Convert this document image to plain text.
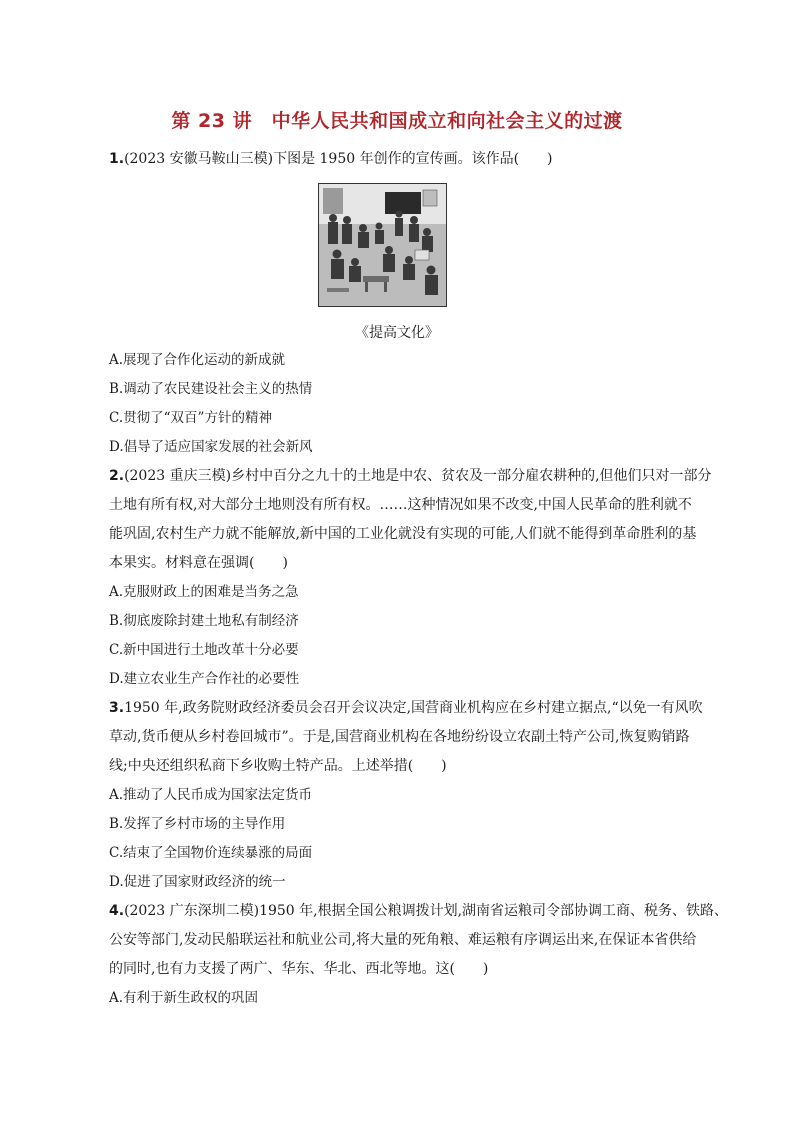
第 23 讲　中华人民共和国成立和向社会主义的过渡
1.(2023 安徽马鞍山三模)下图是 1950 年创作的宣传画。该作品(　　)
《提高文化》
A.展现了合作化运动的新成就
B.调动了农民建设社会主义的热情
C.贯彻了“双百”方针的精神
D.倡导了适应国家发展的社会新风
2.(2023 重庆三模)乡村中百分之九十的土地是中农、贫农及一部分雇农耕种的,但他们只对一部分
土地有所有权,对大部分土地则没有所有权。……这种情况如果不改变,中国人民革命的胜利就不
能巩固,农村生产力就不能解放,新中国的工业化就没有实现的可能,人们就不能得到革命胜利的基
本果实。材料意在强调(　　)
A.克服财政上的困难是当务之急
B.彻底废除封建土地私有制经济
C.新中国进行土地改革十分必要
D.建立农业生产合作社的必要性
3.1950 年,政务院财政经济委员会召开会议决定,国营商业机构应在乡村建立据点,“以免一有风吹
草动,货币便从乡村卷回城市”。于是,国营商业机构在各地纷纷设立农副土特产公司,恢复购销路
线;中央还组织私商下乡收购土特产品。上述举措(　　)
A.推动了人民币成为国家法定货币
B.发挥了乡村市场的主导作用
C.结束了全国物价连续暴涨的局面
D.促进了国家财政经济的统一
4.(2023 广东深圳二模)1950 年,根据全国公粮调拨计划,湖南省运粮司令部协调工商、税务、铁路、
公安等部门,发动民船联运社和航业公司,将大量的死角粮、难运粮有序调运出来,在保证本省供给
的同时,也有力支援了两广、华东、华北、西北等地。这(　　)
A.有利于新生政权的巩固
